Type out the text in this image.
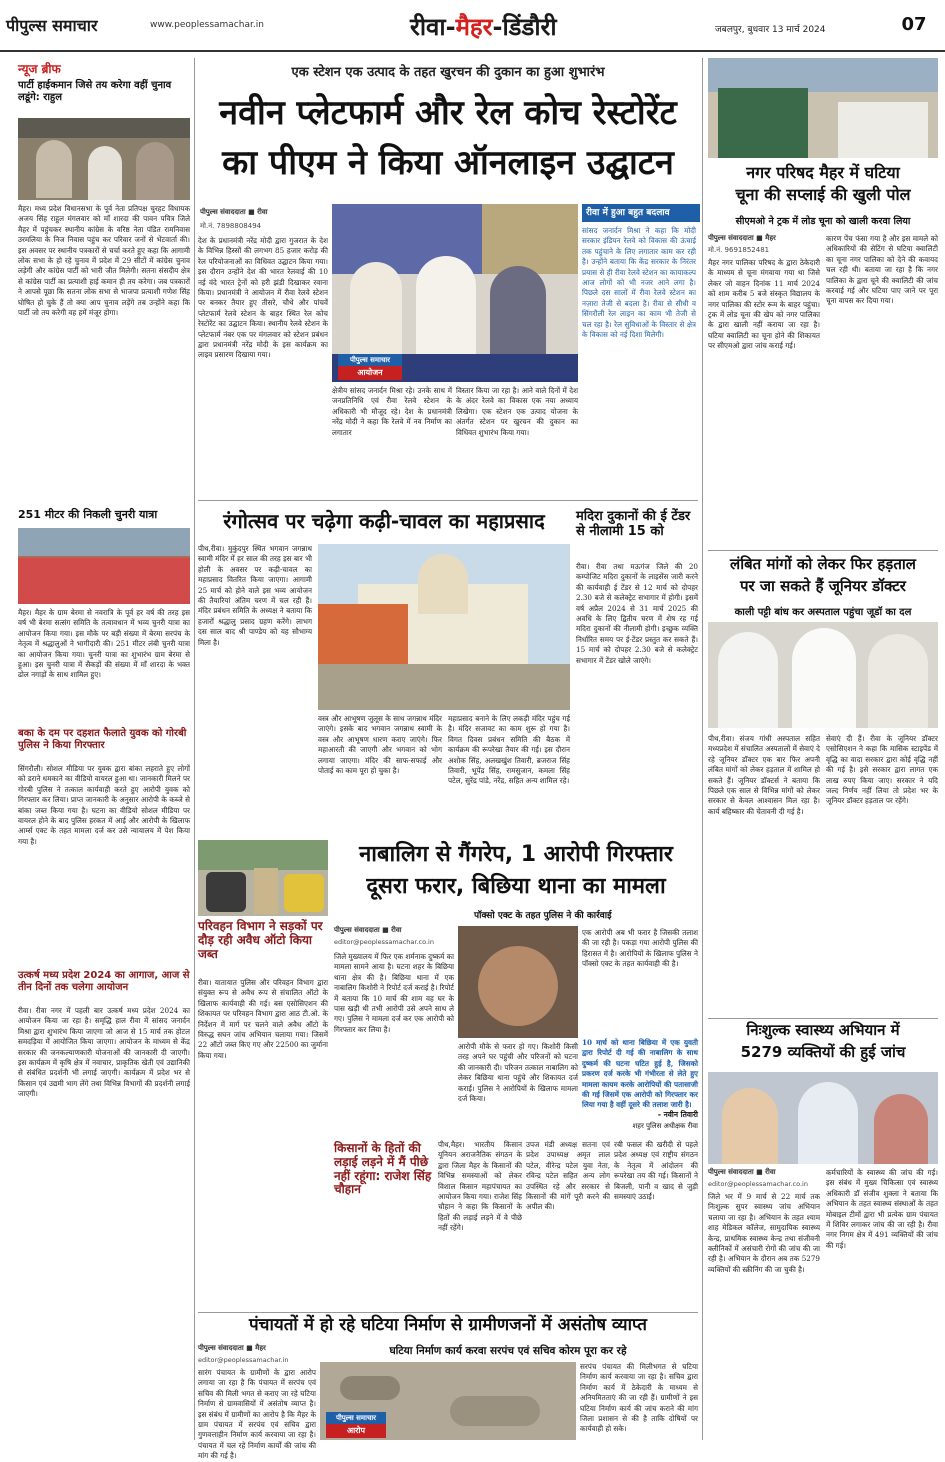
पीपुल्स समाचार	www.peoplessamachar.in	रीवा-मैहर-डिंडौरी	जबलपुर, बुधवार 13 मार्च 2024	07
न्यूज ब्रीफ
पार्टी हाईकमान जिसे तय करेगा वहीं चुनाव लडूंगे: राहुल
मैहर। मध्य प्रदेश विधानसभा के पूर्व नेता प्रतिपक्ष चुरहट विधायक अजय सिंह राहुल मंगलवार को माँ शारदा की पावन पवित्र जिले मैहर में पहुंचकर स्थानीय कांग्रेस के वरिष्ठ नेता पंडित रामनिवास उरमलिया के निज निवास पहुंच कर परिवार जनों से भेंटवार्ता की। इस अवसर पर स्थानीय पत्रकारों से चर्चा करते हुए कहा कि आगामी लोक सभा के हो रहे चुनाव में प्रदेश में 29 सीटों में कांग्रेस चुनाव लड़ेगी और कांग्रेस पार्टी को भारी जीत मिलेगी। सतना संसदीय क्षेत्र से कांग्रेस पार्टी का प्रत्याशी हाई कमान ही तय करेगा। जब पत्रकारों ने आपसे पूछा कि सतना लोक सभा से भाजपा प्रत्याशी गणेश सिंह घोषित हो चुके हैं तो क्या आप चुनाव लड़ेंगे तब उन्होंने कहा कि पार्टी जो तय करेगी वह हमें मंजूर होगा।
251 मीटर की निकली चुनरी यात्रा
मैहर। मैहर के ग्राम बेरमा से नवरात्रि के पूर्व हर वर्ष की तरह इस वर्ष भी बेरमा सत्संग समिति के तत्वावधान में भव्य चुनरी यात्रा का आयोजन किया गया। इस मौके पर बड़ी संख्या में बेरमा सरपंच के नेतृत्व में श्रद्धालुओं ने भागीदारी की। 251 मीटर लंबी चुनरी यात्रा का आयोजन किया गया। चुनरी यात्रा का शुभारंभ ग्राम बेरमा से हुआ। इस चुनरी यात्रा में सैकड़ों की संख्या में माँ शारदा के भक्त ढोल नगाड़ों के साथ शामिल हुए।
बका के दम पर दहशत फैलाते युवक को गोरबी पुलिस ने किया गिरफ्तार
सिंगरौली। सोशल मीडिया पर युवक द्वारा बांका लहराते हुए लोगों को डराने धमकाने का वीडियो वायरल हुआ था। जानकारी मिलने पर गोरबी पुलिस ने तत्काल कार्यवाही करते हुए आरोपी युवक को गिरफ्तार कर लिया। प्राप्त जानकारी के अनुसार आरोपी के कब्जे से बांका जब्त किया गया है। घटना का वीडियो सोशल मीडिया पर वायरल होने के बाद पुलिस हरकत में आई और आरोपी के खिलाफ आर्म्स एक्ट के तहत मामला दर्ज कर उसे न्यायालय में पेश किया गया है।
उत्कर्ष मध्य प्रदेश 2024 का आगाज, आज से तीन दिनों तक चलेगा आयोजन
रीवा। रीवा नगर में पहली बार उत्कर्ष मध्य प्रदेश 2024 का आयोजन किया जा रहा है। समृद्धि हाल रीवा में सांसद जनार्दन मिश्रा द्वारा शुभारंभ किया जाएगा जो आज से 15 मार्च तक होटल समदड़िया में आयोजित किया जाएगा। आयोजन के माध्यम से केंद्र सरकार की जनकल्याणकारी योजनाओं की जानकारी दी जाएगी। इस कार्यक्रम में कृषि क्षेत्र में नवाचार, प्राकृतिक खेती एवं उद्यानिकी से संबंधित प्रदर्शनी भी लगाई जाएगी। कार्यक्रम में प्रदेश भर से किसान एवं उद्यमी भाग लेंगे तथा विभिन्न विभागों की प्रदर्शनी लगाई जाएगी।
एक स्टेशन एक उत्पाद के तहत खुरचन की दुकान का हुआ शुभारंभ
नवीन प्लेटफार्म और रेल कोच रेस्टोरेंट
का पीएम ने किया ऑनलाइन उद्घाटन
पीपुल्स संवाददाता ■ रीवा
मो.नं. 7898808494
पीपुल्स समाचार
आयोजन
देश के प्रधानमंत्री नरेंद्र मोदी द्वारा गुजरात के देश के विभिन्न हिस्सों की लगभग 85 हजार करोड़ की रेल परियोजनाओं का विधिवत उद्घाटन किया गया। इस दौरान उन्होंने देश की भारत रेलवाई की 10 नई वंदे भारत ट्रेनों को हरी झंडी दिखाकर रवाना किया। प्रधानमंत्री ने आयोजन में रीवा रेलवे स्टेशन पर बनकर तैयार हुए तीसरे, चौथे और पांचवें प्लेटफार्म रेलवे स्टेशन के बाहर स्थित रेल कोच रेस्टोरेंट का उद्घाटन किया। स्थानीय रेलवे स्टेशन के प्लेटफार्म नंबर एक पर मंगलवार को स्टेशन प्रबंधन द्वारा प्रधानमंत्री नरेंद्र मोदी के इस कार्यक्रम का लाइव प्रसारण दिखाया गया।
क्षेत्रीय सांसद जनार्दन मिश्रा रहे। उनके साथ में जनप्रतिनिधि एवं रीवा रेलवे स्टेशन के अधिकारी भी मौजूद रहे। देश के प्रधानमंत्री नरेंद्र मोदी ने कहा कि रेलवे में नव निर्माण का लगातार
विस्तार किया जा रहा है। आने वाले दिनों में देश के अंदर रेलवे का विकास एक नया अध्याय लिखेगा। एक स्टेशन एक उत्पाद योजना के अंतर्गत स्टेशन पर खुरचन की दुकान का विधिवत शुभारंभ किया गया।
रीवा में हुआ बहुत बदलाव
सांसद जनार्दन मिश्रा ने कहा कि मोदी सरकार इंडियन रेलवे को विकास की ऊंचाई तक पहुंचाने के लिए लगातार काम कर रही है। उन्होंने बताया कि केंद्र सरकार के निरंतर प्रयास से ही रीवा रेलवे स्टेशन का कायाकल्प आज लोगों को भी नजर आने लगा है। पिछले दस सालों में रीवा रेलवे स्टेशन का नज़ारा तेजी से बदला है। रीवा से सीधी व सिंगरौली रेल लाइन का काम भी तेजी से चल रहा है। रेल सुविधाओं के विस्तार से क्षेत्र के विकास को नई दिशा मिलेगी।
रंगोत्सव पर चढ़ेगा कढ़ी-चावल का महाप्रसाद
पीथ,रीवा। मुकुंदपुर स्थित भगवान जगन्नाथ स्वामी मंदिर में हर साल की तरह इस बार भी होली के अवसर पर कढ़ी-चावल का महाप्रसाद वितरित किया जाएगा। आगामी 25 मार्च को होने वाले इस भव्य आयोजन की तैयारियां अंतिम चरण में चल रही हैं। मंदिर प्रबंधन समिति के अध्यक्ष ने बताया कि हजारों श्रद्धालु प्रसाद ग्रहण करेंगे। लाभग दस साल बाद श्री पाण्डेय को यह सौभाग्य मिला है।
वस्त्र और आभूषण जुलूस के साथ जगन्नाथ मंदिर जाएंगे। इसके बाद भगवान जगन्नाथ स्वामी के वस्त्र और आभूषण धारण कराए जाएंगे। फिर महाआरती की जाएगी और भगवान को भोग लगाया जाएगा। मंदिर की साफ-सफाई और पोताई का काम पूरा हो चुका है।
महाप्रसाद बनाने के लिए लकड़ी मंदिर पहुंच गई है। मंदिर सजावट का काम शुरू हो गया है। विगत दिवस प्रबंधन समिति की बैठक में कार्यक्रम की रूपरेखा तैयार की गई। इस दौरान अशोक सिंह, अलखखुंश तिवारी, ब्रजराज सिंह तिवारी, भूपेंद्र सिंह, रामसुजान, कमला सिंह पटेल, सुरेंद्र पांडे, नरेंद्र, सहित अन्य शामिल रहे।
मदिरा दुकानों की ई टेंडर से नीलामी 15 को
रीवा। रीवा तथा मऊगंज जिले की 20 कम्पोजिट मदिरा दुकानों के लाइसेंस जारी करने की कार्यवाही ई टेंडर से 12 मार्च को दोपहर 2.30 बजे से कलेक्ट्रेट सभागार में होगी। इसमें वर्ष अप्रैल 2024 से 31 मार्च 2025 की अवधि के लिए द्वितीय चरण में शेष रह गई मदिरा दुकानों की नीलामी होगी। इच्छुक व्यक्ति निर्धारित समय पर ई-टेंडर प्रस्तुत कर सकते हैं। 15 मार्च को दोपहर 2.30 बजे से कलेक्ट्रेट सभागार में टेंडर खोले जाएंगे।
परिवहन विभाग ने सड़कों पर दौड़ रही अवैध ऑटो किया जब्त
रीवा। यातायात पुलिस और परिवहन विभाग द्वारा संयुक्त रूप से अवैध रूप से संचालित ऑटो के खिलाफ कार्यवाही की गई। बस एसोसिएशन की शिकायत पर परिवहन विभाग द्वारा आठ टी.ओ. के निर्देशन में मार्ग पर चलने वाले अवैध ऑटो के विरुद्ध सघन जांच अभियान चलाया गया। जिसमें 22 ऑटो जब्त किए गए और 22500 का जुर्माना किया गया।
नाबालिग से गैंगरेप, 1 आरोपी गिरफ्तार
दूसरा फरार, बिछिया थाना का मामला
पॉक्सो एक्ट के तहत पुलिस ने की कार्रवाई
पीपुल्स संवाददाता ■ रीवा
editor@peoplessamachar.co.in
जिले मुख्यालय में फिर एक शर्मनाक दुष्कर्म का मामला सामने आया है। घटना शहर के बिछिया थाना क्षेत्र की है। बिछिया थाना में एक नाबालिग किशोरी ने रिपोर्ट दर्ज कराई है। रिपोर्ट में बताया कि 10 मार्च की शाम वह घर के पास खड़ी थी तभी आरोपी उसे अपने साथ ले गए। पुलिस ने मामला दर्ज कर एक आरोपी को गिरफ्तार कर लिया है।
आरोपी मौके से फरार हो गए। किशोरी किसी तरह अपने घर पहुंची और परिजनों को घटना की जानकारी दी। परिजन तत्काल नाबालिग को लेकर बिछिया थाना पहुंचे और शिकायत दर्ज कराई। पुलिस ने आरोपियों के खिलाफ मामला दर्ज किया।
एक आरोपी अब भी फरार है जिसकी तलाश की जा रही है। पकड़ा गया आरोपी पुलिस की हिरासत में है। आरोपियों के खिलाफ पुलिस ने पॉक्सो एक्ट के तहत कार्यवाही की है।
10 मार्च को थाना बिछिया में एक युवती द्वारा रिपोर्ट दी गई की नाबालिग के साथ दुष्कर्म की घटना घटित हुई है, जिसको प्रकरण दर्ज करके भी गंभीरता से लेते हुए मामला कायम करके आरोपियों की पतासाजी की गई जिसमें एक आरोपी को गिरफ्तार कर लिया गया है वहीं दूसरे की तलाश जारी है।
- नवीन तिवारी
शहर पुलिस अधीक्षक रीवा
किसानों के हितों की लड़ाई लड़ने में मैं पीछे नहीं रहूंगा: राजेश सिंह चौहान
पीथ,मैहर। भारतीय किसान यूनियन अराजनैतिक संगठन के द्वारा जिला मैहर के किसानों की विभिन्न समस्याओं को लेकर विशाल किसान महापंचायत का आयोजन किया गया। राजेश सिंह चौहान ने कहा कि किसानों के हितों की लड़ाई लड़ने में वे पीछे नहीं रहेंगे।
उपज मंडी अध्यक्ष सतना एवं प्रदेश उपाध्यक्ष अमृत लाल पटेल, वीरेन्द्र पटेल युवा नेता, रविन्द्र पटेल सहित अन्य लोग उपस्थित रहे और सरकार से किसानों की मांगें पूरी करने की अपील की।
रबी फसल की खरीदी से पहले प्रदेश अध्यक्ष एवं राष्ट्रीय संगठन के नेतृत्व में आंदोलन की रूपरेखा तय की गई। किसानों ने बिजली, पानी व खाद से जुड़ी समस्याएं उठाईं।
पंचायतों में हो रहे घटिया निर्माण से ग्रामीणजनों में असंतोष व्याप्त
घटिया निर्माण कार्य करवा सरपंच एवं सचिव कोरम पूरा कर रहे
पीपुल्स संवाददाता ■ मैहर
editor@peoplessamachar.in
सारंग पंचायत के ग्रामीणों के द्वारा आरोप लगाया जा रहा है कि पंचायत में सरपंच एवं सचिव की मिली भगत से कराए जा रहे घटिया निर्माण से ग्रामवासियों में असंतोष व्याप्त है। इस संबंध में ग्रामीणों का आरोप है कि मैहर के ग्राम पंचायत में सरपंच एवं सचिव द्वारा गुणवत्ताहीन निर्माण कार्य करवाया जा रहा है। पंचायत में चल रहे निर्माण कार्यों की जांच की मांग की गई है।
पीपुल्स समाचार
आरोप
सरपंच पंचायत की मिलीभगत से घटिया निर्माण कार्य करवाया जा रहा है। सचिव द्वारा निर्माण कार्य में ठेकेदारी के माध्यम से अनियमितताएं की जा रही हैं। ग्रामीणों ने इस घटिया निर्माण कार्य की जांच कराने की मांग जिला प्रशासन से की है ताकि दोषियों पर कार्यवाही हो सके।
नगर परिषद मैहर में घटिया
चूना की सप्लाई की खुली पोल
सीएमओ ने ट्रक में लोड चूना को खाली करवा लिया
पीपुल्स संवाददाता ■ मैहर
मो.नं. 9691852481
मैहर नगर पालिका परिषद के द्वारा ठेकेदारी के माध्यम से चूना मंगवाया गया था जिसे लेकर जो वाहन दिनांक 11 मार्च 2024 को शाम करीब 5 बजे संस्कृत विद्यालय के नगर पालिका की स्टोर रूम के बाहर पहुंचा। ट्रक में लोड चूना की खेप को नगर पालिका के द्वारा खाली नहीं कराया जा रहा है। घटिया क्वालिटी का चूना होने की शिकायत पर सीएमओ द्वारा जांच कराई गई।
कारण पेंच फंसा गया है और इस मामले को अधिकारियों की सेटिंग से घटिया क्वालिटी का चूना नगर पालिका को देने की कवायद चल रही थी। बताया जा रहा है कि नगर पालिका के द्वारा चूने की क्वालिटी की जांच करवाई गई और घटिया पाए जाने पर पूरा चूना वापस कर दिया गया।
लंबित मांगों को लेकर फिर हड़ताल
पर जा सकते हैं जूनियर डॉक्टर
काली पट्टी बांध कर अस्पताल पहुंचा जूडॉ का दल
पीथ,रीवा। संजय गांधी अस्पताल सहित मध्यप्रदेश में संचालित अस्पतालों में सेवाएं दे रहे जूनियर डॉक्टर एक बार फिर अपनी लंबित मांगों को लेकर हड़ताल में शामिल हो सकते हैं। जूनियर डॉक्टर्स ने बताया कि पिछले एक साल से विभिन्न मांगों को लेकर सरकार से केवल आश्वासन मिल रहा है। कार्य बहिष्कार की चेतावनी दी गई है।
सेवाएं दी हैं। रीवा के जूनियर डॉक्टर एसोसिएशन ने कहा कि मासिक स्टाइपेंड में वृद्धि का वादा सरकार द्वारा कोई वृद्धि नहीं की गई है। इसे सरकार द्वारा लागत एक लाख रुपए किया जाए। सरकार ने यदि जल्द निर्णय नहीं लिया तो प्रदेश भर के जूनियर डॉक्टर हड़ताल पर रहेंगे।
निःशुल्क स्वास्थ्य अभियान में
5279 व्यक्तियों की हुई जांच
पीपुल्स संवाददाता ■ रीवा
editor@peoplessamachar.co.in
जिले भर में 9 मार्च से 22 मार्च तक निःशुल्क सुपर स्वास्थ्य जांच अभियान चलाया जा रहा है। अभियान के तहत श्याम शाह मेडिकल कॉलेज, सामुदायिक स्वास्थ्य केन्द्र, प्राथमिक स्वास्थ्य केन्द्र तथा संजीवनी क्लीनिकों में असंचारी रोगों की जांच की जा रही है। अभियान के दौरान अब तक 5279 व्यक्तियों की स्क्रीनिंग की जा चुकी है।
कर्मचारियों के स्वास्थ्य की जांच की गई। इस संबंध में मुख्य चिकित्सा एवं स्वास्थ्य अधिकारी डॉ संजीव शुक्ला ने बताया कि अभियान के तहत स्वास्थ्य संस्थाओं के तहत मोबाइल टीमों द्वारा भी प्रत्येक ग्राम पंचायत में शिविर लगाकर जांच की जा रही है। रीवा नगर निगम क्षेत्र में 491 व्यक्तियों की जांच की गई।
